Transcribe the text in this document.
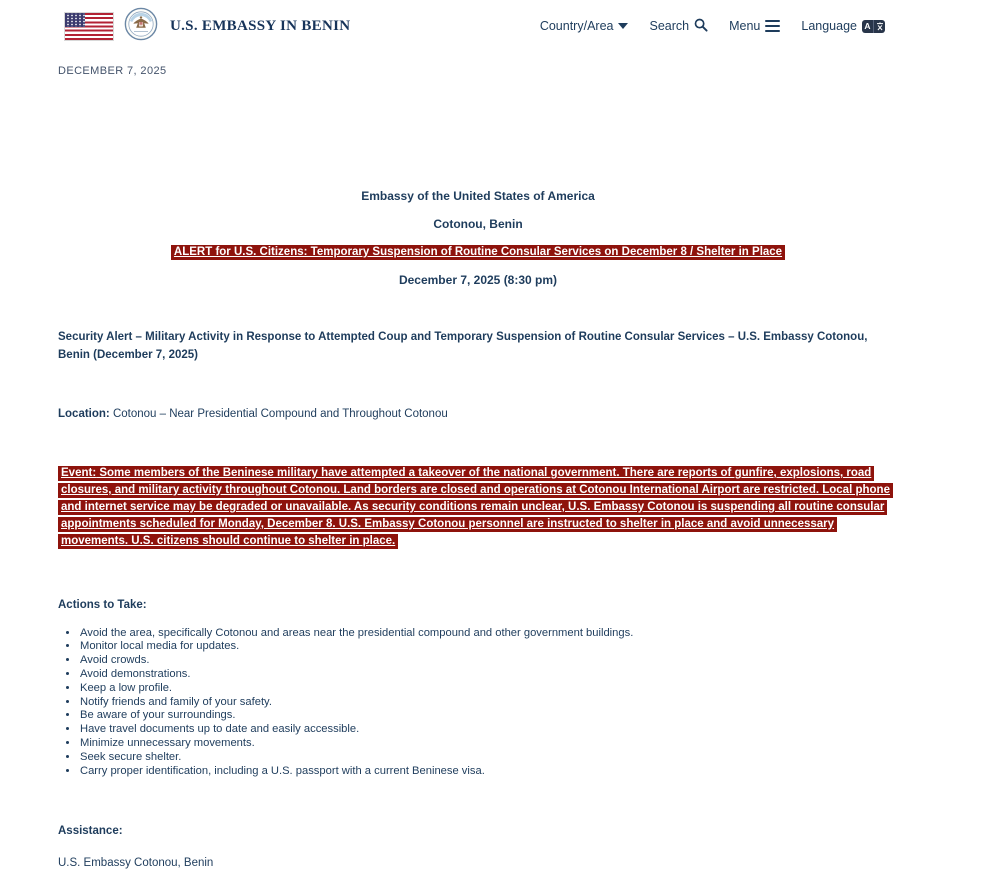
U.S. EMBASSY IN BENIN	Country/Area	Search	Menu	Language A
DECEMBER 7, 2025

Embassy of the United States of America

Cotonou, Benin

ALERT for U.S. Citizens: Temporary Suspension of Routine Consular Services on December 8 / Shelter in Place

December 7, 2025 (8:30 pm)

Security Alert – Military Activity in Response to Attempted Coup and Temporary Suspension of Routine Consular Services – U.S. Embassy Cotonou, Benin (December 7, 2025)

Location: Cotonou – Near Presidential Compound and Throughout Cotonou

Event: Some members of the Beninese military have attempted a takeover of the national government. There are reports of gunfire, explosions, road closures, and military activity throughout Cotonou. Land borders are closed and operations at Cotonou International Airport are restricted. Local phone and internet service may be degraded or unavailable. As security conditions remain unclear, U.S. Embassy Cotonou is suspending all routine consular appointments scheduled for Monday, December 8. U.S. Embassy Cotonou personnel are instructed to shelter in place and avoid unnecessary movements. U.S. citizens should continue to shelter in place.

Actions to Take:

• Avoid the area, specifically Cotonou and areas near the presidential compound and other government buildings.
• Monitor local media for updates.
• Avoid crowds.
• Avoid demonstrations.
• Keep a low profile.
• Notify friends and family of your safety.
• Be aware of your surroundings.
• Have travel documents up to date and easily accessible.
• Minimize unnecessary movements.
• Seek secure shelter.
• Carry proper identification, including a U.S. passport with a current Beninese visa.

Assistance:

U.S. Embassy Cotonou, Benin
